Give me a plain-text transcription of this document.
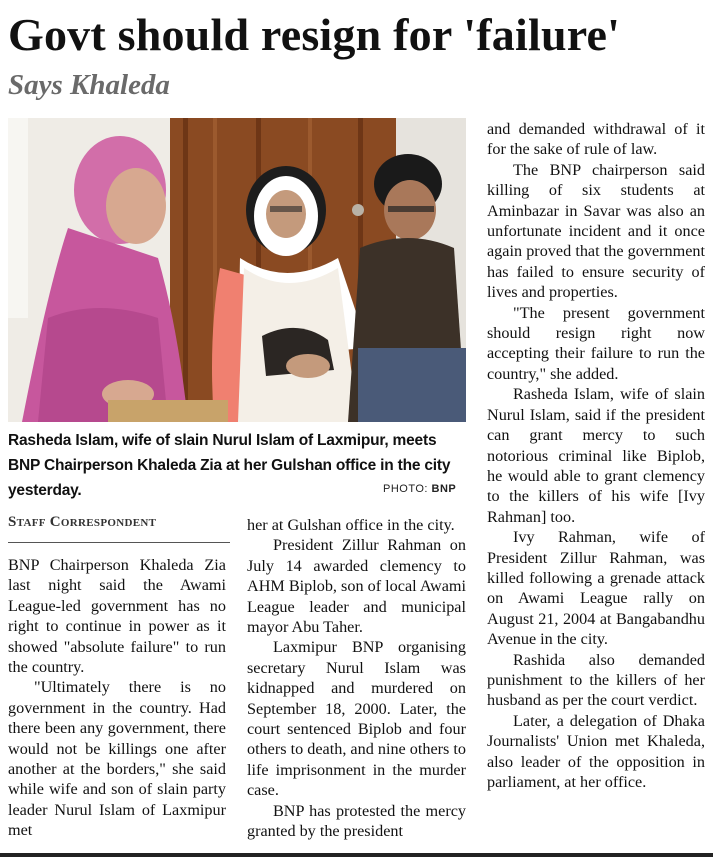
Govt should resign for 'failure'
Says Khaleda
Rasheda Islam, wife of slain Nurul Islam of Laxmipur, meets BNP Chairperson Khaleda Zia at her Gulshan office in the city yesterday.	PHOTO: BNP
Staff Correspondent

BNP Chairperson Khaleda Zia last night said the Awami League-led government has no right to continue in power as it showed "absolute failure" to run the country.

"Ultimately there is no government in the country. Had there been any government, there would not be killings one after another at the borders," she said while wife and son of slain party leader Nurul Islam of Laxmipur met

her at Gulshan office in the city.

President Zillur Rahman on July 14 awarded clemency to AHM Biplob, son of local Awami League leader and municipal mayor Abu Taher.

Laxmipur BNP organising secretary Nurul Islam was kidnapped and murdered on September 18, 2000. Later, the court sentenced Biplob and four others to death, and nine others to life imprisonment in the murder case.

BNP has protested the mercy granted by the president

and demanded withdrawal of it for the sake of rule of law.

The BNP chairperson said killing of six students at Aminbazar in Savar was also an unfortunate incident and it once again proved that the government has failed to ensure security of lives and properties.

"The present government should resign right now accepting their failure to run the country," she added.

Rasheda Islam, wife of slain Nurul Islam, said if the president can grant mercy to such notorious criminal like Biplob, he would able to grant clemency to the killers of his wife [Ivy Rahman] too.

Ivy Rahman, wife of President Zillur Rahman, was killed following a grenade attack on Awami League rally on August 21, 2004 at Bangabandhu Avenue in the city.

Rashida also demanded punishment to the killers of her husband as per the court verdict.

Later, a delegation of Dhaka Journalists' Union met Khaleda, also leader of the opposition in parliament, at her office.
